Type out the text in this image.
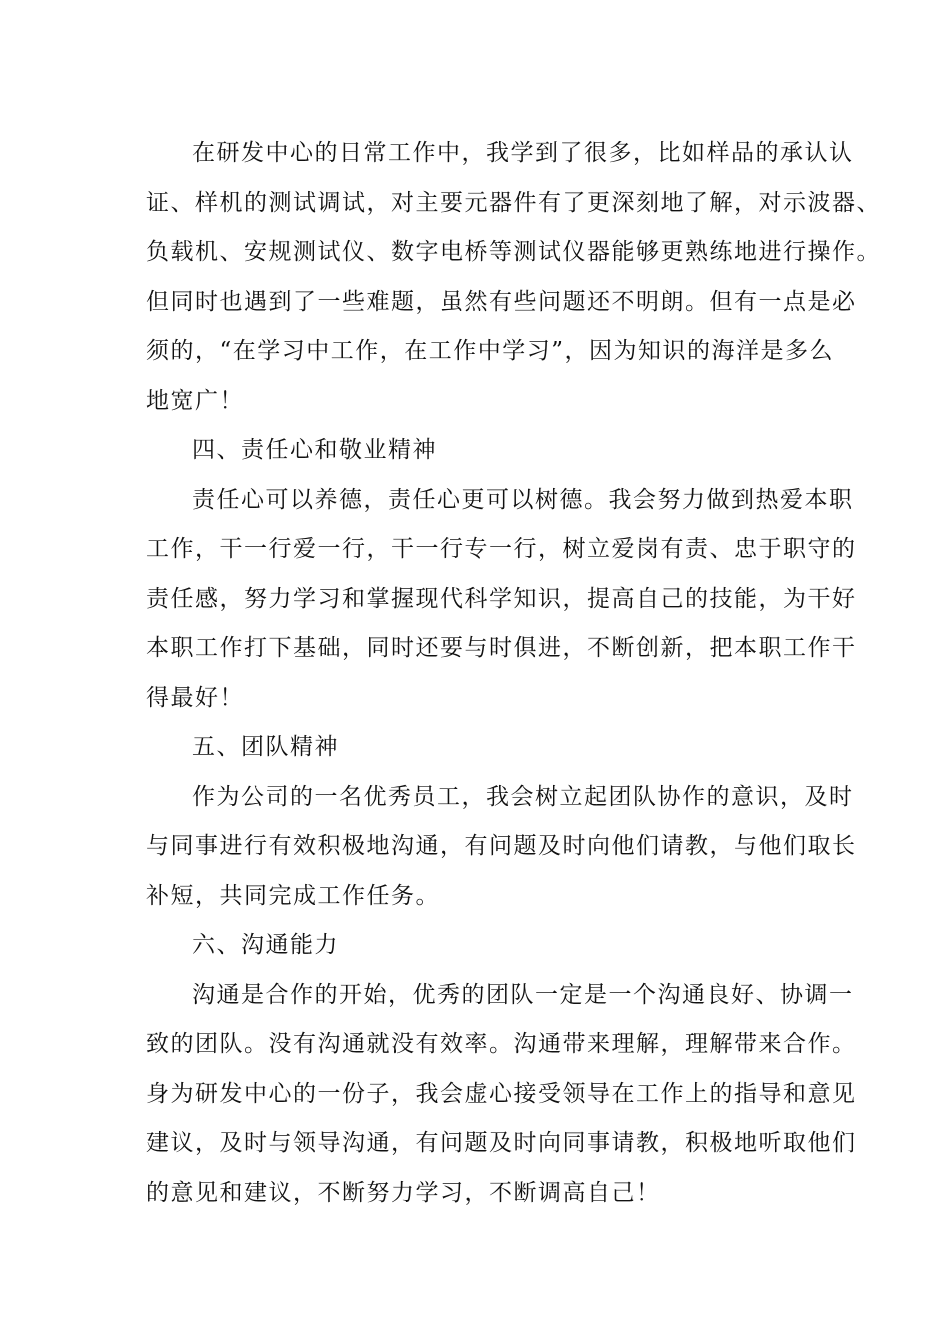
在研发中心的日常工作中，我学到了很多，比如样品的承认认
证、样机的测试调试，对主要元器件有了更深刻地了解，对示波器、
负载机、安规测试仪、数字电桥等测试仪器能够更熟练地进行操作。
但同时也遇到了一些难题，虽然有些问题还不明朗。但有一点是必
须的，“在学习中工作，在工作中学习”，因为知识的海洋是多么
地宽广！
四、责任心和敬业精神
责任心可以养德，责任心更可以树德。我会努力做到热爱本职
工作，干一行爱一行，干一行专一行，树立爱岗有责、忠于职守的
责任感，努力学习和掌握现代科学知识，提高自己的技能，为干好
本职工作打下基础，同时还要与时俱进，不断创新，把本职工作干
得最好！
五、团队精神
作为公司的一名优秀员工，我会树立起团队协作的意识，及时
与同事进行有效积极地沟通，有问题及时向他们请教，与他们取长
补短，共同完成工作任务。
六、沟通能力
沟通是合作的开始，优秀的团队一定是一个沟通良好、协调一
致的团队。没有沟通就没有效率。沟通带来理解，理解带来合作。
身为研发中心的一份子，我会虚心接受领导在工作上的指导和意见
建议，及时与领导沟通，有问题及时向同事请教，积极地听取他们
的意见和建议，不断努力学习，不断调高自己！
